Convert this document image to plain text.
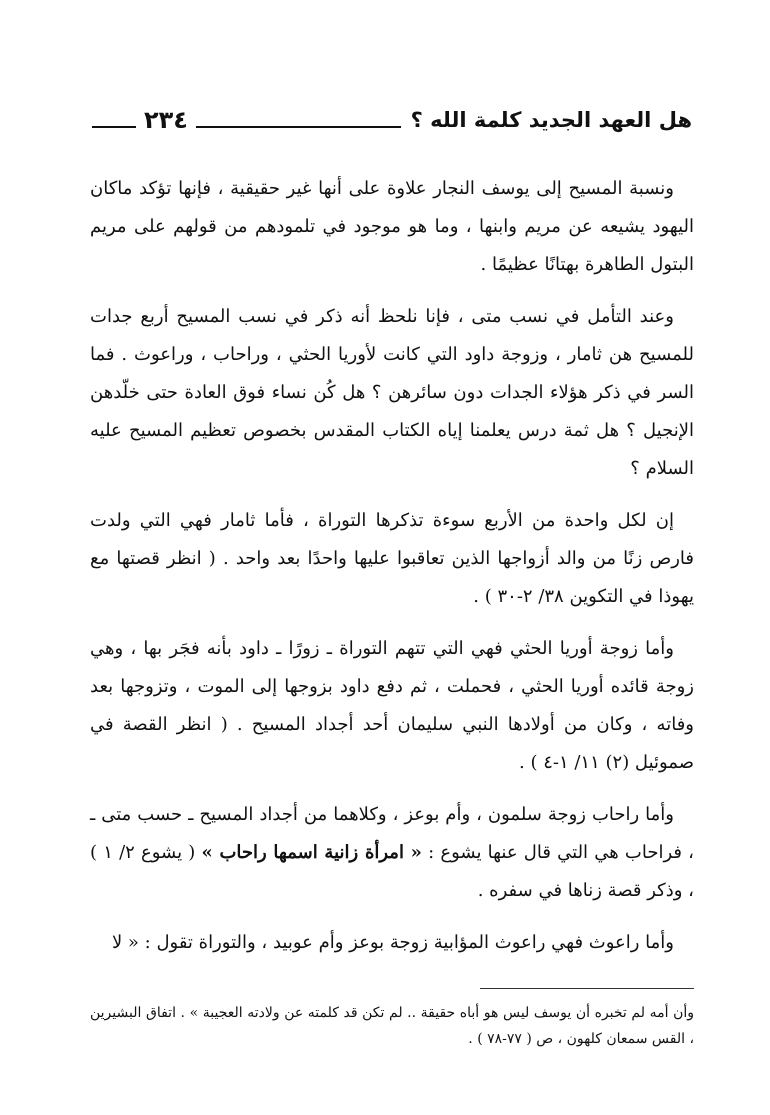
٢٣٤	هل العهد الجديد كلمة الله ؟

ونسبة المسيح إلى يوسف النجار علاوة على أنها غير حقيقية ، فإنها تؤكد ماكان اليهود يشيعه عن مريم وابنها ، وما هو موجود في تلمودهم من قولهم على مريم البتول الطاهرة بهتانًا عظيمًا .

وعند التأمل في نسب متى ، فإنا نلحظ أنه ذكر في نسب المسيح أربع جدات للمسيح هن ثامار ، وزوجة داود التي كانت لأوريا الحثي ، وراحاب ، وراعوث . فما السر في ذكر هؤلاء الجدات دون سائرهن ؟ هل كُن نساء فوق العادة حتى خلّدهن الإنجيل ؟ هل ثمة درس يعلمنا إياه الكتاب المقدس بخصوص تعظيم المسيح عليه السلام ؟

إن لكل واحدة من الأربع سوءة تذكرها التوراة ، فأما ثامار فهي التي ولدت فارص زنًا من والد أزواجها الذين تعاقبوا عليها واحدًا بعد واحد . ( انظر قصتها مع يهوذا في التكوين ٣٨/ ٢-٣٠ ) .

وأما زوجة أوريا الحثي فهي التي تتهم التوراة ـ زورًا ـ داود بأنه فجَر بها ، وهي زوجة قائده أوريا الحثي ، فحملت ، ثم دفع داود بزوجها إلى الموت ، وتزوجها بعد وفاته ، وكان من أولادها النبي سليمان أحد أجداد المسيح . ( انظر القصة في صموئيل (٢) ١١/ ١-٤ ) .

وأما راحاب زوجة سلمون ، وأم بوعز ، وكلاهما من أجداد المسيح ـ حسب متى ـ ، فراحاب هي التي قال عنها يشوع : « امرأة زانية اسمها راحاب » ( يشوع ٢/ ١ ) ، وذكر قصة زناها في سفره .

وأما راعوث فهي راعوث المؤابية زوجة بوعز وأم عوبيد ، والتوراة تقول : « لا

وأن أمه لم تخبره أن يوسف ليس هو أباه حقيقة .. لم تكن قد كلمته عن ولادته العجيبة » . اتفاق البشيرين ، القس سمعان كلهون ، ص ( ٧٧-٧٨ ) .
